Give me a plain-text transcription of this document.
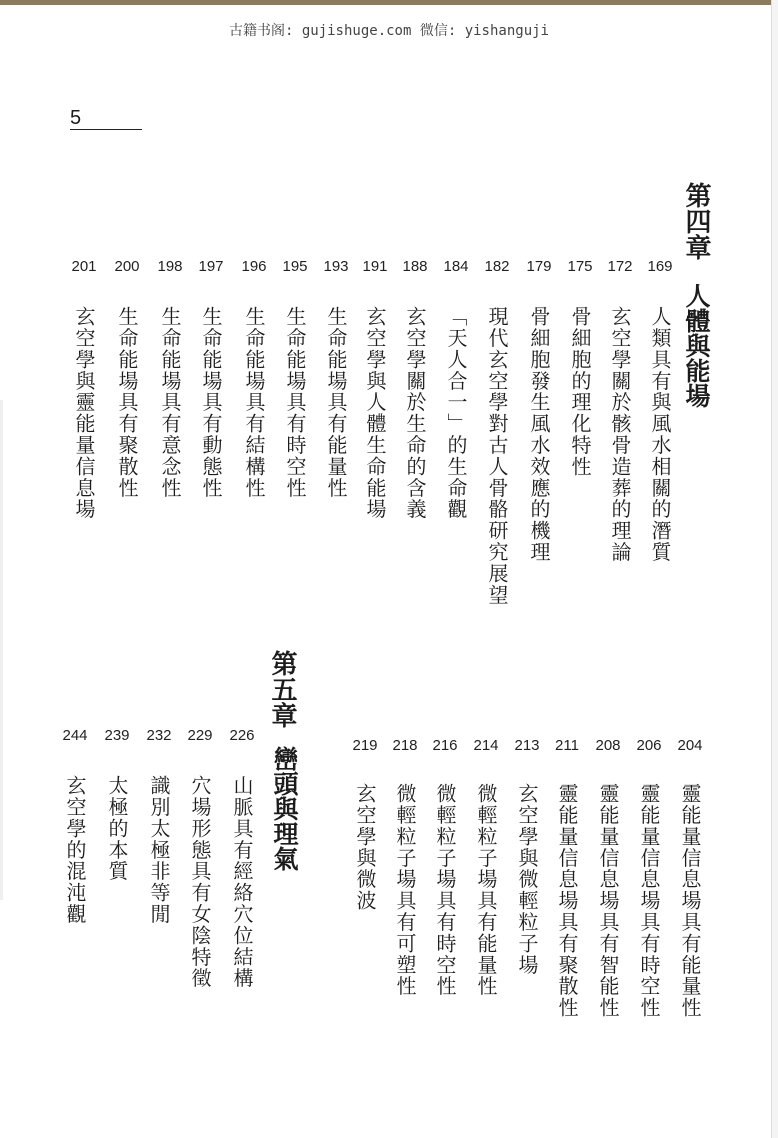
古籍书阁: gujishuge.com 微信: yishanguji
5
第四章
人體與能場
169
172
175
179
182
184
188
191
193
195
196
197
198
200
201
人類具有與風水相關的潛質
玄空學關於骸骨造葬的理論
骨細胞的理化特性
骨細胞發生風水效應的機理
現代玄空學對古人骨骼研究展望
「天人合一」的生命觀
玄空學關於生命的含義
玄空學與人體生命能場
生命能場具有能量性
生命能場具有時空性
生命能場具有結構性
生命能場具有動態性
生命能場具有意念性
生命能場具有聚散性
玄空學與靈能量信息場
204
206
208
211
213
214
216
218
219
靈能量信息場具有能量性
靈能量信息場具有時空性
靈能量信息場具有智能性
靈能量信息場具有聚散性
玄空學與微輕粒子場
微輕粒子場具有能量性
微輕粒子場具有時空性
微輕粒子場具有可塑性
玄空學與微波
第五章
巒頭與理氣
226
229
232
239
244
山脈具有經絡穴位結構
穴場形態具有女陰特徵
識別太極非等閒
太極的本質
玄空學的混沌觀
